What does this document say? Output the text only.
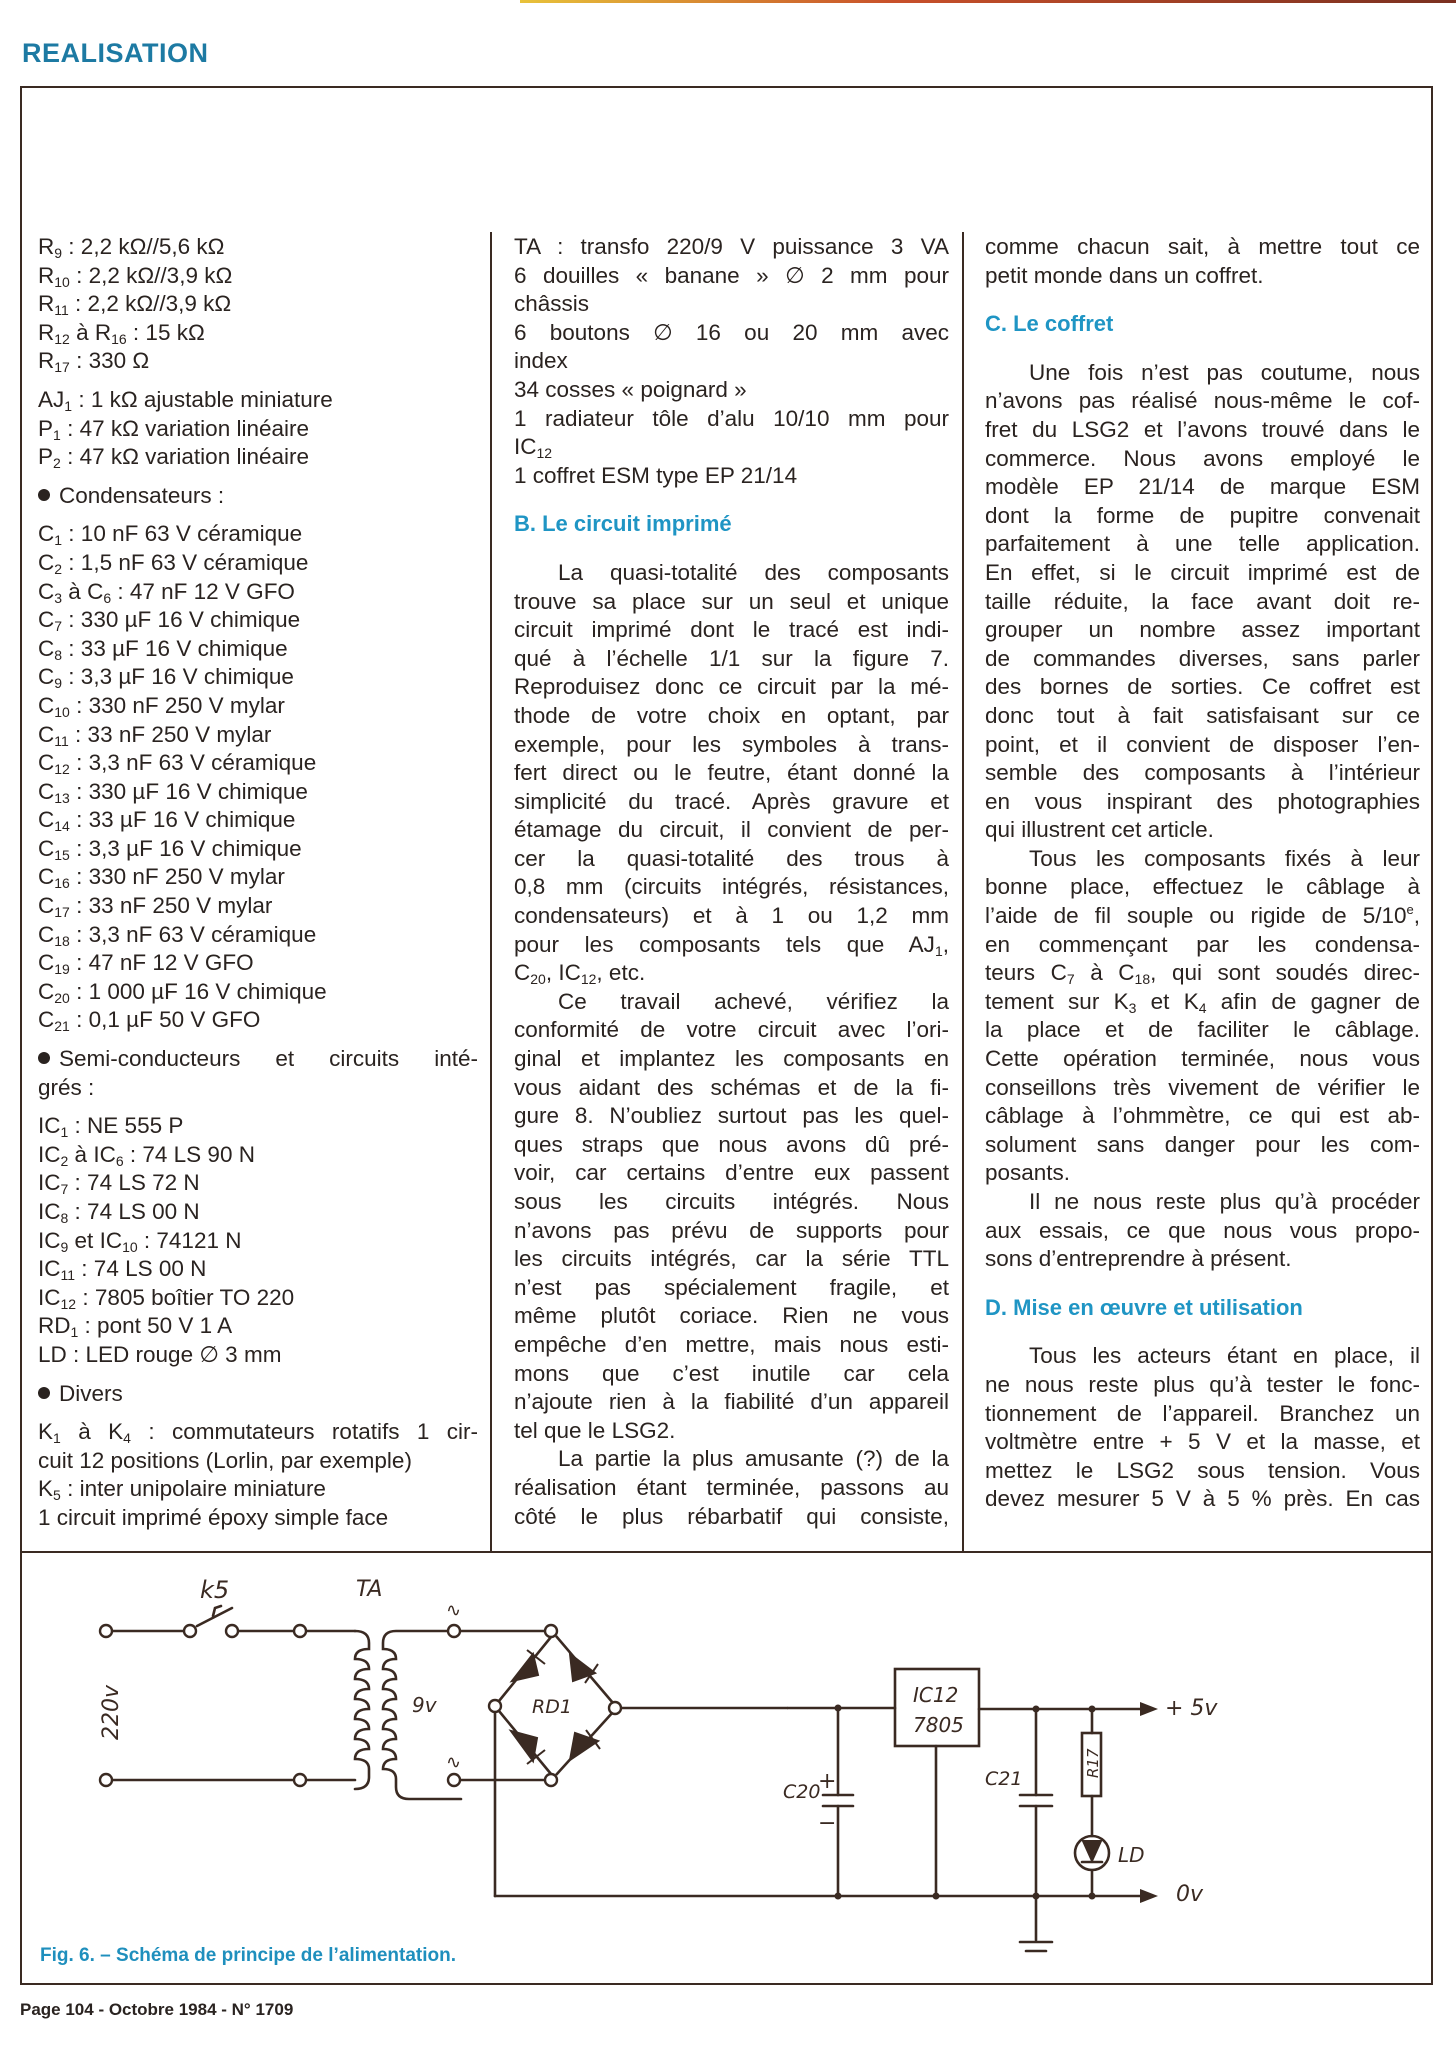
REALISATION

$R_9$ : 2,2 kΩ//5,6 kΩ

$R_{10}$ : 2,2 kΩ//3,9 kΩ

$R_{11}$ : 2,2 kΩ//3,9 kΩ

$R_{12}$ à $R_{16}$ : 15 kΩ

$R_{17}$ : 330 Ω

$AJ_1$ : 1 kΩ ajustable miniature

$P_1$ : 47 kΩ variation linéaire

$P_2$ : 47 kΩ variation linéaire

Condensateurs :

$C_1$ : 10 nF 63 V céramique

$C_2$ : 1,5 nF 63 V céramique

$C_3$ à $C_6$ : 47 nF 12 V GFO

$C_7$ : 330 µF 16 V chimique

$C_8$ : 33 µF 16 V chimique

$C_9$ : 3,3 µF 16 V chimique

$C_{10}$ : 330 nF 250 V mylar

$C_{11}$ : 33 nF 250 V mylar

$C_{12}$ : 3,3 nF 63 V céramique

$C_{13}$ : 330 µF 16 V chimique

$C_{14}$ : 33 µF 16 V chimique

$C_{15}$ : 3,3 µF 16 V chimique

$C_{16}$ : 330 nF 250 V mylar

$C_{17}$ : 33 nF 250 V mylar

$C_{18}$ : 3,3 nF 63 V céramique

$C_{19}$ : 47 nF 12 V GFO

$C_{20}$ : 1 000 µF 16 V chimique

$C_{21}$ : 0,1 µF 50 V GFO

Semi-conducteurs et circuits inté-

grés :

$IC_1$ : NE 555 P

$IC_2$ à $IC_6$ : 74 LS 90 N

$IC_7$ : 74 LS 72 N

$IC_8$ : 74 LS 00 N

$IC_9$ et $IC_{10}$ : 74121 N

$IC_{11}$ : 74 LS 00 N

$IC_{12}$ : 7805 boîtier TO 220

$RD_1$ : pont 50 V 1 A

LD : LED rouge ∅ 3 mm

Divers

$K_1$ à $K_4$ : commutateurs rotatifs 1 cir-

cuit 12 positions (Lorlin, par exemple)

$K_5$ : inter unipolaire miniature

1 circuit imprimé époxy simple face

TA : transfo 220/9 V puissance 3 VA

6 douilles « banane » ∅ 2 mm pour

châssis

6 boutons ∅ 16 ou 20 mm avec

index

34 cosses « poignard »

1 radiateur tôle d’alu 10/10 mm pour

$IC_{12}$

1 coffret ESM type EP 21/14

B. Le circuit imprimé

La quasi-totalité des composants

trouve sa place sur un seul et unique

circuit imprimé dont le tracé est indi-

qué à l’échelle 1/1 sur la figure 7.

Reproduisez donc ce circuit par la mé-

thode de votre choix en optant, par

exemple, pour les symboles à trans-

fert direct ou le feutre, étant donné la

simplicité du tracé. Après gravure et

étamage du circuit, il convient de per-

cer la quasi-totalité des trous à

0,8 mm (circuits intégrés, résistances,

condensateurs) et à 1 ou 1,2 mm

pour les composants tels que $AJ_1$,

$C_{20}$, $IC_{12}$, etc.

Ce travail achevé, vérifiez la

conformité de votre circuit avec l’ori-

ginal et implantez les composants en

vous aidant des schémas et de la fi-

gure 8. N’oubliez surtout pas les quel-

ques straps que nous avons dû pré-

voir, car certains d’entre eux passent

sous les circuits intégrés. Nous

n’avons pas prévu de supports pour

les circuits intégrés, car la série TTL

n’est pas spécialement fragile, et

même plutôt coriace. Rien ne vous

empêche d’en mettre, mais nous esti-

mons que c’est inutile car cela

n’ajoute rien à la fiabilité d’un appareil

tel que le LSG2.

La partie la plus amusante (?) de la

réalisation étant terminée, passons au

côté le plus rébarbatif qui consiste,

comme chacun sait, à mettre tout ce

petit monde dans un coffret.

C. Le coffret

Une fois n’est pas coutume, nous

n’avons pas réalisé nous-même le cof-

fret du LSG2 et l’avons trouvé dans le

commerce. Nous avons employé le

modèle EP 21/14 de marque ESM

dont la forme de pupitre convenait

parfaitement à une telle application.

En effet, si le circuit imprimé est de

taille réduite, la face avant doit re-

grouper un nombre assez important

de commandes diverses, sans parler

des bornes de sorties. Ce coffret est

donc tout à fait satisfaisant sur ce

point, et il convient de disposer l’en-

semble des composants à l’intérieur

en vous inspirant des photographies

qui illustrent cet article.

Tous les composants fixés à leur

bonne place, effectuez le câblage à

l’aide de fil souple ou rigide de 5/10e,

en commençant par les condensa-

teurs $C_7$ à $C_{18}$, qui sont soudés direc-

tement sur $K_3$ et $K_4$ afin de gagner de

la place et de faciliter le câblage.

Cette opération terminée, nous vous

conseillons très vivement de vérifier le

câblage à l’ohmmètre, ce qui est ab-

solument sans danger pour les com-

posants.

Il ne nous reste plus qu’à procéder

aux essais, ce que nous vous propo-

sons d’entreprendre à présent.

D. Mise en œuvre et utilisation

Tous les acteurs étant en place, il

ne nous reste plus qu’à tester le fonc-

tionnement de l’appareil. Branchez un

voltmètre entre + 5 V et la masse, et

mettez le LSG2 sous tension. Vous

devez mesurer 5 V à 5 % près. En cas

k5	TA
220v	9v
∿
∿
RD1	IC12
7805
C20
+
−
C21
R17
LD
+ 5v
0v
Fig. 6. – Schéma de principe de l’alimentation.
Page 104 - Octobre 1984 - N° 1709
